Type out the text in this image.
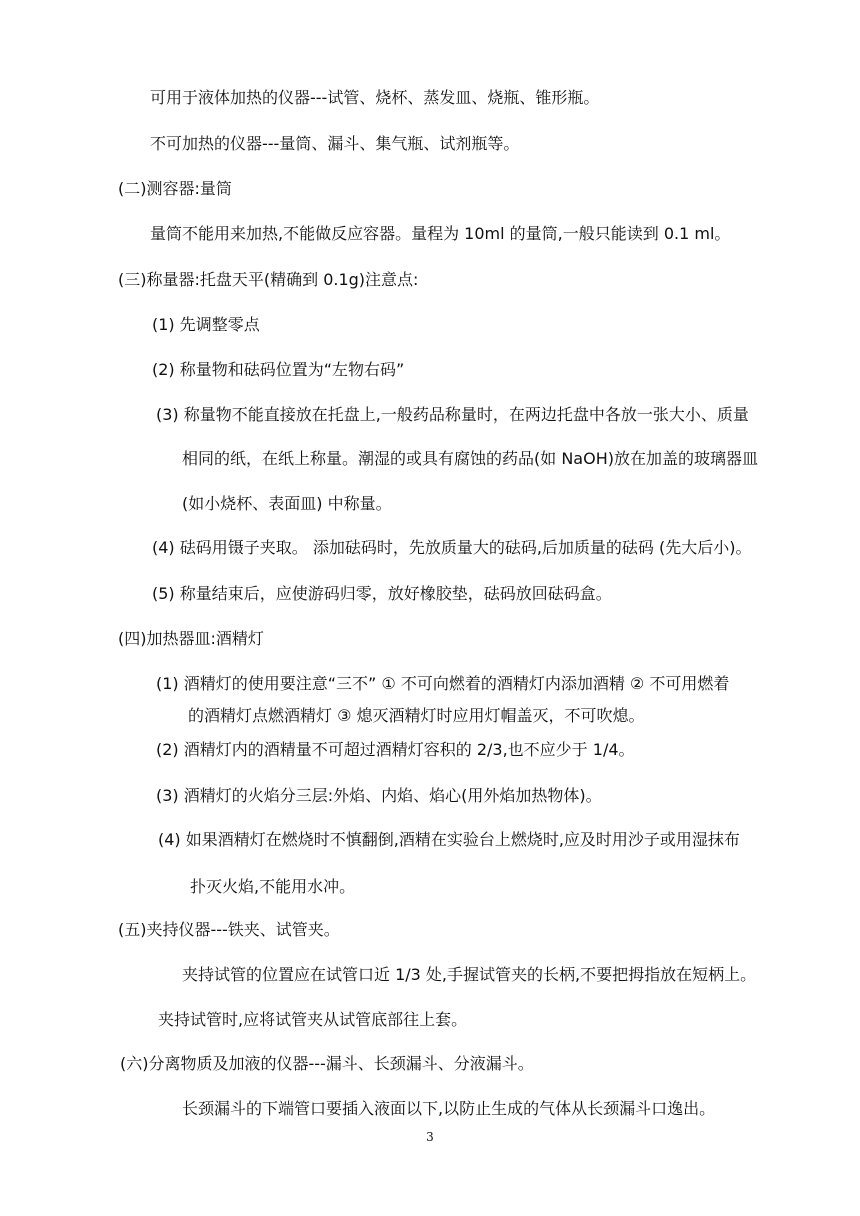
可用于液体加热的仪器---试管、烧杯、蒸发皿、烧瓶、锥形瓶。
不可加热的仪器---量筒、漏斗、集气瓶、试剂瓶等。
(二)测容器:量筒
量筒不能用来加热,不能做反应容器。量程为 10ml 的量筒,一般只能读到 0.1 ml。
(三)称量器:托盘天平(精确到 0.1g)注意点:
(1) 先调整零点
(2) 称量物和砝码位置为“左物右码”
(3) 称量物不能直接放在托盘上,一般药品称量时，在两边托盘中各放一张大小、质量
相同的纸，在纸上称量。潮湿的或具有腐蚀的药品(如 NaOH)放在加盖的玻璃器皿
(如小烧杯、表面皿) 中称量。
(4) 砝码用镊子夹取。 添加砝码时，先放质量大的砝码,后加质量的砝码 (先大后小)。
(5) 称量结束后，应使游码归零，放好橡胶垫，砝码放回砝码盒。
(四)加热器皿:酒精灯
(1) 酒精灯的使用要注意“三不” ① 不可向燃着的酒精灯内添加酒精 ② 不可用燃着
的酒精灯点燃酒精灯 ③ 熄灭酒精灯时应用灯帽盖灭，不可吹熄。
(2) 酒精灯内的酒精量不可超过酒精灯容积的 2/3,也不应少于 1/4。
(3) 酒精灯的火焰分三层:外焰、内焰、焰心(用外焰加热物体)。
(4) 如果酒精灯在燃烧时不慎翻倒,酒精在实验台上燃烧时,应及时用沙子或用湿抹布
扑灭火焰,不能用水冲。
(五)夹持仪器---铁夹、试管夹。
夹持试管的位置应在试管口近 1/3 处,手握试管夹的长柄,不要把拇指放在短柄上。
夹持试管时,应将试管夹从试管底部往上套。
(六)分离物质及加液的仪器---漏斗、长颈漏斗、分液漏斗。
长颈漏斗的下端管口要插入液面以下,以防止生成的气体从长颈漏斗口逸出。
3
